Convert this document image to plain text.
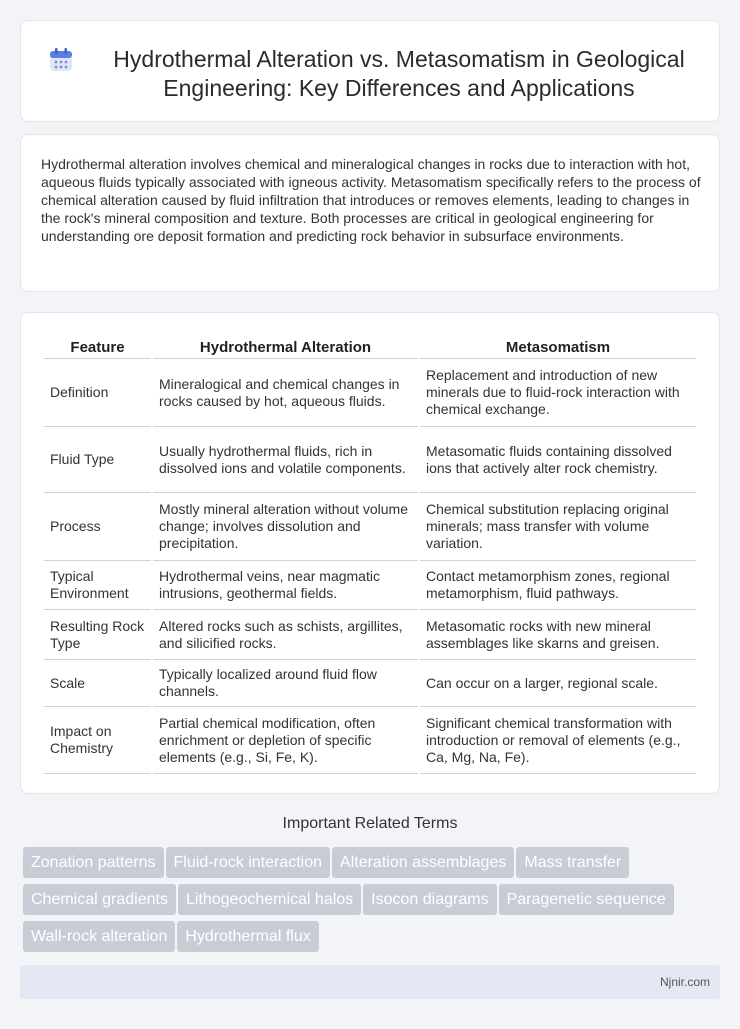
Hydrothermal Alteration vs. Metasomatism in Geological Engineering: Key Differences and Applications

Hydrothermal alteration involves chemical and mineralogical changes in rocks due to interaction with hot, aqueous fluids typically associated with igneous activity. Metasomatism specifically refers to the process of chemical alteration caused by fluid infiltration that introduces or removes elements, leading to changes in the rock's mineral composition and texture. Both processes are critical in geological engineering for understanding ore deposit formation and predicting rock behavior in subsurface environments.

Feature	Hydrothermal Alteration	Metasomatism
Definition	Mineralogical and chemical changes in rocks caused by hot, aqueous fluids.	Replacement and introduction of new minerals due to fluid-rock interaction with chemical exchange.
Fluid Type	Usually hydrothermal fluids, rich in dissolved ions and volatile components.	Metasomatic fluids containing dissolved ions that actively alter rock chemistry.
Process	Mostly mineral alteration without volume change; involves dissolution and precipitation.	Chemical substitution replacing original minerals; mass transfer with volume variation.
Typical Environment	Hydrothermal veins, near magmatic intrusions, geothermal fields.	Contact metamorphism zones, regional metamorphism, fluid pathways.
Resulting Rock Type	Altered rocks such as schists, argillites, and silicified rocks.	Metasomatic rocks with new mineral assemblages like skarns and greisen.
Scale	Typically localized around fluid flow channels.	Can occur on a larger, regional scale.
Impact on Chemistry	Partial chemical modification, often enrichment or depletion of specific elements (e.g., Si, Fe, K).	Significant chemical transformation with introduction or removal of elements (e.g., Ca, Mg, Na, Fe).
Important Related Terms
Zonation patterns Fluid-rock interaction Alteration assemblages Mass transfer
Chemical gradients Lithogeochemical halos Isocon diagrams Paragenetic sequence
Wall-rock alteration Hydrothermal flux
Njnir.com
